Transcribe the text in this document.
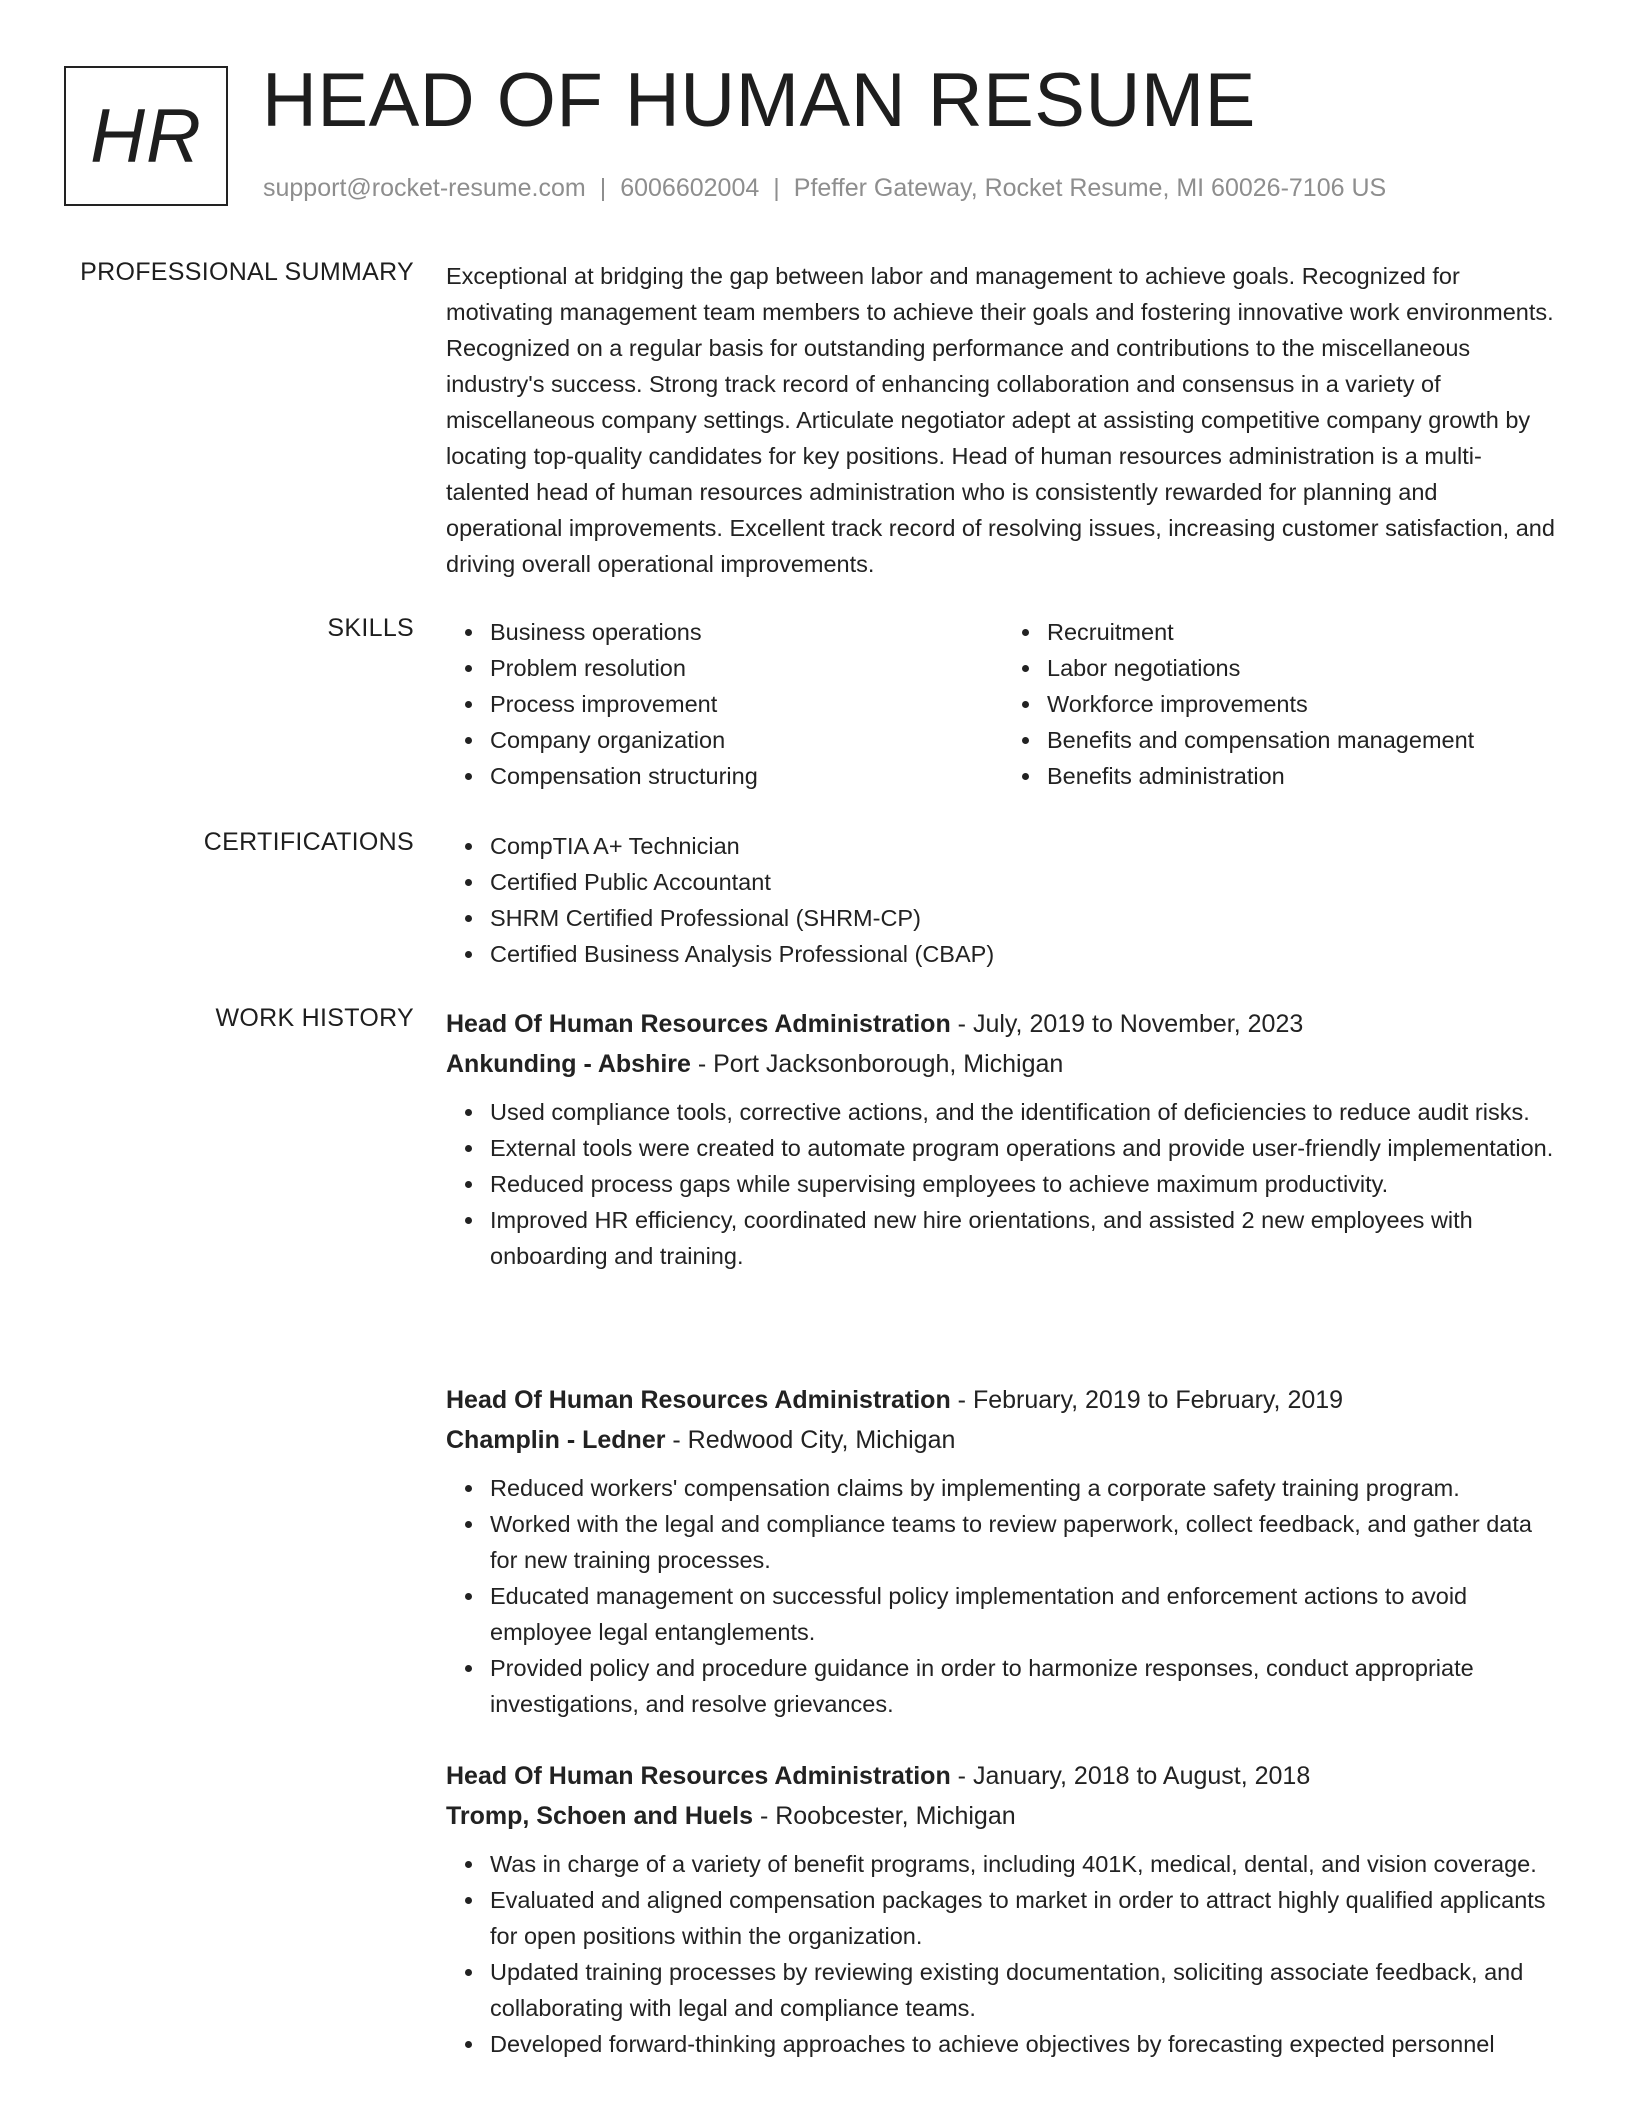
HR HEAD OF HUMAN RESUME
support@rocket-resume.com | 6006602004 | Pfeffer Gateway, Rocket Resume, MI 60026-7106 US
PROFESSIONAL SUMMARY Exceptional at bridging the gap between labor and management to achieve goals. Recognized for motivating management team members to achieve their goals and fostering innovative work environments. Recognized on a regular basis for outstanding performance and contributions to the miscellaneous industry's success. Strong track record of enhancing collaboration and consensus in a variety of miscellaneous company settings. Articulate negotiator adept at assisting competitive company growth by locating top-quality candidates for key positions. Head of human resources administration is a multi-talented head of human resources administration who is consistently rewarded for planning and operational improvements. Excellent track record of resolving issues, increasing customer satisfaction, and driving overall operational improvements.

SKILLS	Business operations
Problem resolution
Process improvement
Company organization
Compensation structuring
Recruitment
Labor negotiations
Workforce improvements
Benefits and compensation management
Benefits administration
CERTIFICATIONS	CompTIA A+ Technician
Certified Public Accountant
SHRM Certified Professional (SHRM-CP)
Certified Business Analysis Professional (CBAP)
WORK HISTORY Head Of Human Resources Administration - July, 2019 to November, 2023
Ankunding - Abshire - Port Jacksonborough, Michigan
Used compliance tools, corrective actions, and the identification of deficiencies to reduce audit risks.
External tools were created to automate program operations and provide user-friendly implementation.
Reduced process gaps while supervising employees to achieve maximum productivity.
Improved HR efficiency, coordinated new hire orientations, and assisted 2 new employees with onboarding and training.
Head Of Human Resources Administration - February, 2019 to February, 2019
Champlin - Ledner - Redwood City, Michigan
Reduced workers' compensation claims by implementing a corporate safety training program.
Worked with the legal and compliance teams to review paperwork, collect feedback, and gather data for new training processes.
Educated management on successful policy implementation and enforcement actions to avoid employee legal entanglements.
Provided policy and procedure guidance in order to harmonize responses, conduct appropriate investigations, and resolve grievances.
Head Of Human Resources Administration - January, 2018 to August, 2018
Tromp, Schoen and Huels - Roobcester, Michigan
Was in charge of a variety of benefit programs, including 401K, medical, dental, and vision coverage.
Evaluated and aligned compensation packages to market in order to attract highly qualified applicants for open positions within the organization.
Updated training processes by reviewing existing documentation, soliciting associate feedback, and collaborating with legal and compliance teams.
Developed forward-thinking approaches to achieve objectives by forecasting expected personnel
